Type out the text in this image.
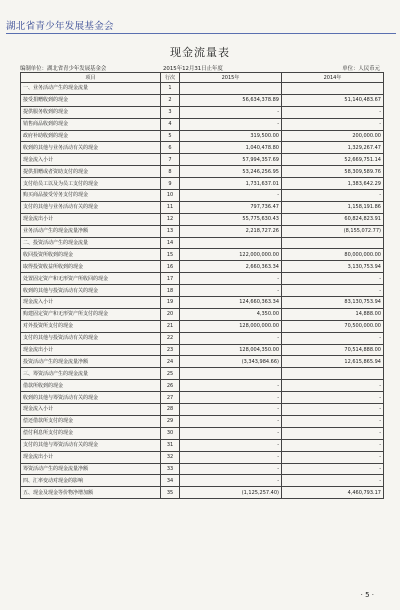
湖北省青少年发展基金会
现金流量表
编制单位：湖北省青少年发展基金会	2015年12月31日止年度	单位：人民币元
项目	行次	2015年	2014年
一、业务活动产生的现金流量	1		
接受捐赠收到的现金	2	56,634,378.89	51,140,483.67
提供服务收到的现金	3	-	-
销售商品收到的现金	4	-	-
政府补助收到的现金	5	319,500.00	200,000.00
收到的其他与业务活动有关的现金	6	1,040,478.80	1,329,267.47
现金流入小计	7	57,994,357.69	52,669,751.14
提供捐赠或者资助支付的现金	8	53,246,256.95	58,309,589.76
支付给员工以及为员工支付的现金	9	1,731,637.01	1,383,642.29
购买商品接受劳务支付的现金	10	-	-
支付的其他与业务活动有关的现金	11	797,736.47	1,158,191.86
现金流出小计	12	55,775,630.43	60,824,823.91
业务活动产生的现金流量净额	13	2,218,727.26	(8,155,072.77)
二、投资活动产生的现金流量	14		
收回投资所收到的现金	15	122,000,000.00	80,000,000.00
取得投资收益所收到的现金	16	2,660,363.34	3,130,753.94
处置固定资产和无形资产所收回的现金	17	-	-
收到的其他与投资活动有关的现金	18	-	-
现金流入小计	19	124,660,363.34	83,130,753.94
购建固定资产和无形资产所支付的现金	20	4,350.00	14,888.00
对外投资所支付的现金	21	128,000,000.00	70,500,000.00
支付的其他与投资活动有关的现金	22	-	-
现金流出小计	23	128,004,350.00	70,514,888.00
投资活动产生的现金流量净额	24	(3,343,984.66)	12,615,865.94
三、筹资活动产生的现金流量	25		
借款所收到的现金	26	-	-
收到的其他与筹资活动有关的现金	27	-	-
现金流入小计	28	-	-
偿还借款所支付的现金	29	-	-
偿付利息所支付的现金	30	-	-
支付的其他与筹资活动有关的现金	31	-	-
现金流出小计	32	-	-
筹资活动产生的现金流量净额	33	-	-
四、汇率变动对现金的影响	34	-	-
五、现金及现金等价物净增加额	35	(1,125,257.40)	4,460,793.17
· 5 ·
